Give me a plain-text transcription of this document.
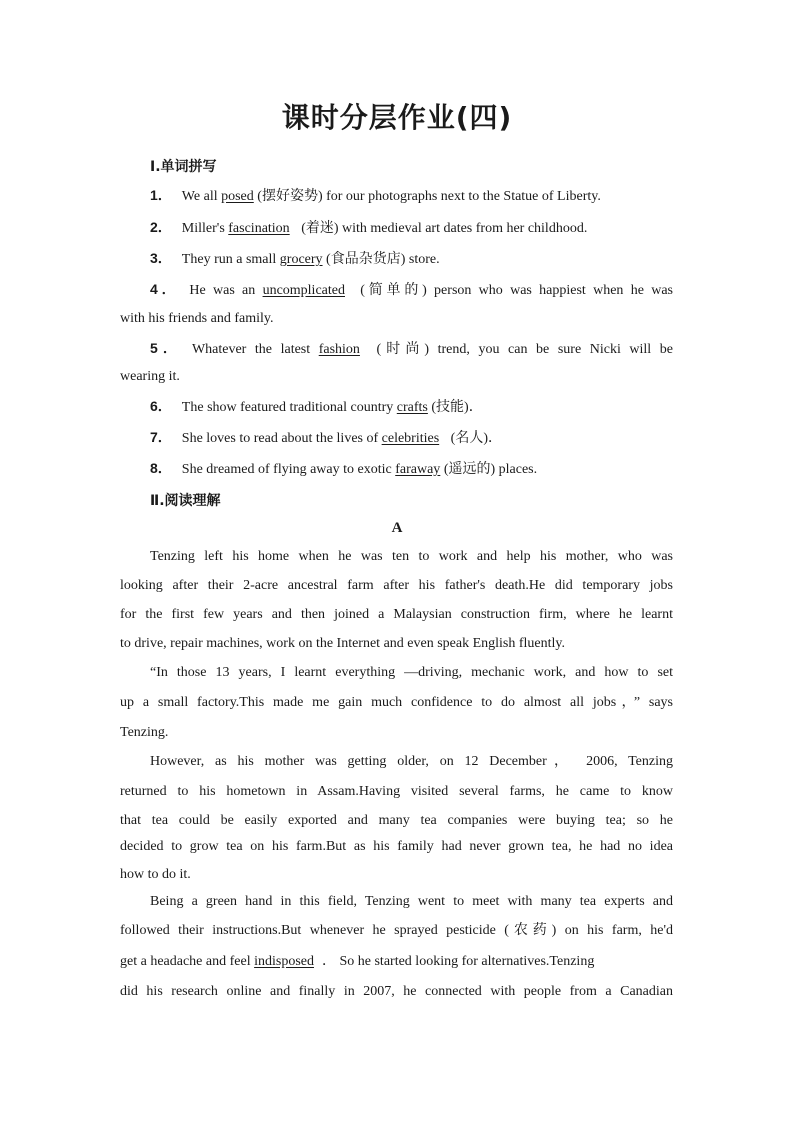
课时分层作业(四)
Ⅰ.单词拼写
1． We all posed (摆好姿势) for our photographs next to the Statue of Liberty.
2． Miller's fascination (着迷) with medieval art dates from her childhood.
3． They run a small grocery (食品杂货店) store.
4． He was an uncomplicated (简单的) person who was happiest when he was
with his friends and family.
5． Whatever the latest fashion (时尚) trend, you can be sure Nicki will be
wearing it.
6． The show featured traditional country crafts (技能)．
7． She loves to read about the lives of celebrities (名人)．
8． She dreamed of flying away to exotic faraway (遥远的) places.
Ⅱ.阅读理解
A
Tenzing left his home when he was ten to work and help his mother, who was
looking after their 2-acre ancestral farm after his father's death.He did temporary jobs
for the first few years and then joined a Malaysian construction firm, where he learnt
to drive, repair machines, work on the Internet and even speak English fluently.
“In those 13 years, I learnt everything —driving, mechanic work, and how to set
up a small factory.This made me gain much confidence to do almost all jobs，” says
Tenzing.
However, as his mother was getting older, on 12 December， 2006, Tenzing
returned to his hometown in Assam.Having visited several farms, he came to know
that tea could be easily exported and many tea companies were buying tea; so he
decided to grow tea on his farm.But as his family had never grown tea, he had no idea
how to do it.
Being a green hand in this field, Tenzing went to meet with many tea experts and
followed their instructions.But whenever he sprayed pesticide (农药) on his farm, he'd
get a headache and feel indisposed ． So he started looking for alternatives.Tenzing
did his research online and finally in 2007, he connected with people from a Canadian
